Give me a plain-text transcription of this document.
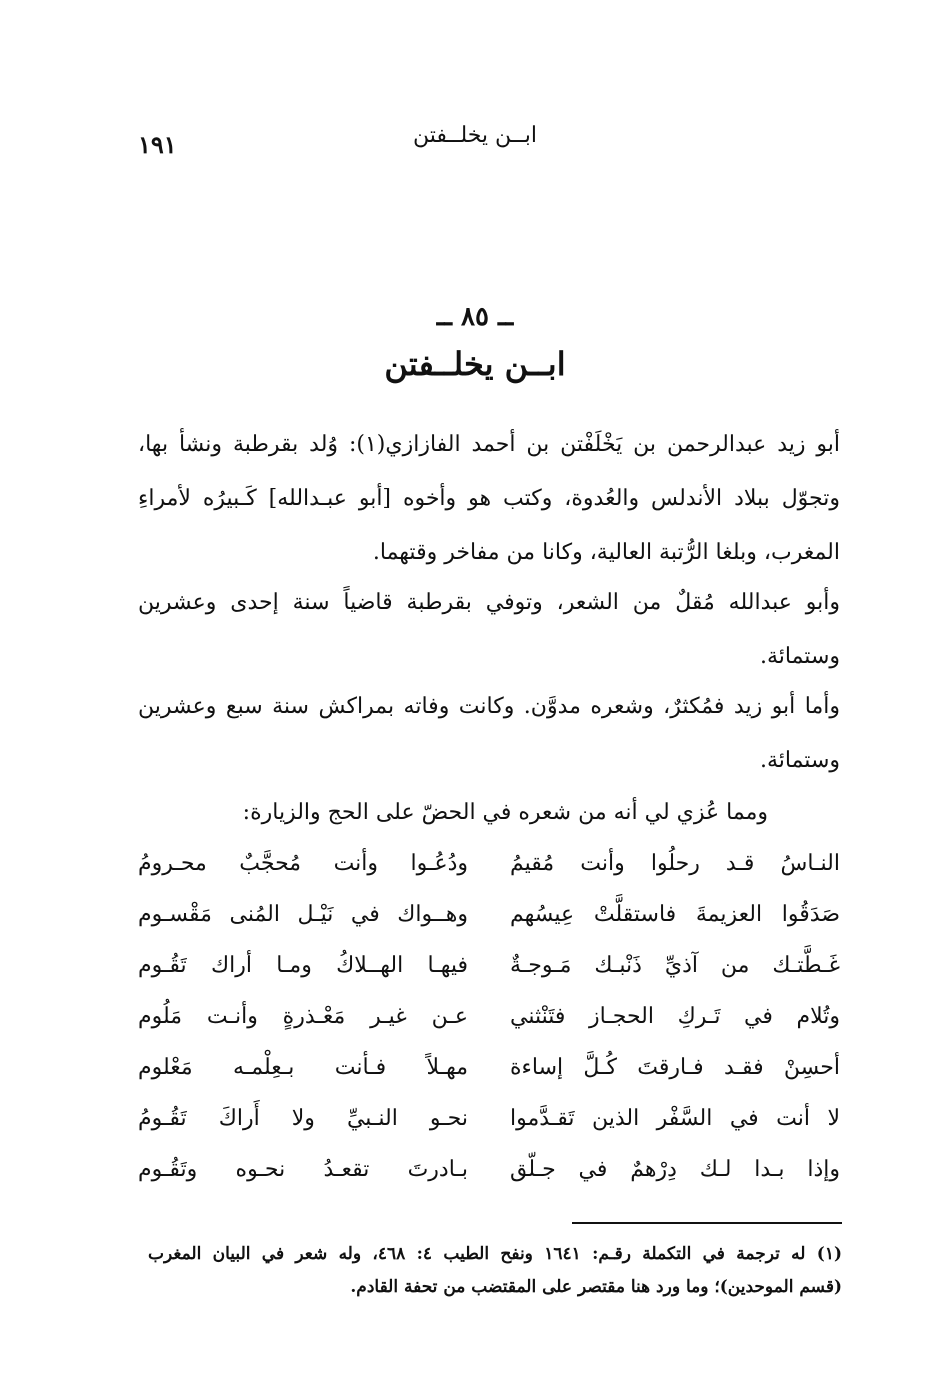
ابــن يخلــفتن
١٩١
ــ ٨٥ ــ
ابــن يخلــفتن

أبو زيد عبدالرحمن بن يَخْلَفْتن بن أحمد الفازازي(١): وُلد بقرطبة ونشأ بها، وتجوّل ببلاد الأندلس والعُدوة، وكتب هو وأخوه [أبو عبـدالله] كَـبيرُه لأمراءِ المغرب، وبلغا الرُّتبة العالية، وكانا من مفاخر وقتهما.

وأبو عبدالله مُقلٌ من الشعر، وتوفي بقرطبة قاضياً سنة إحدى وعشرين وستمائة.

وأما أبو زيد فمُكثرٌ، وشعره مدوَّن. وكانت وفاته بمراكش سنة سبع وعشرين وستمائة.

ومما عُزي لي أنه من شعره في الحضّ على الحج والزيارة:
النـاسُ قـد رحلُوا وأنت مُقيمُ
ودُعُـوا وأنت مُحجَّبٌ محـرومُ
صَدَقُوا العزيمةَ فاستقلَّتْ عِيسُهم
وهــواك في نَيْـل المُنى مَقْسـوم
غَـطَّتـك من آذيِّ ذَنْبـك مَـوجـةٌ
فيهـا الهــلاكُ ومـا أراك تَقُـوم
وتُلام في تَـركِ الحجـاز فتَنْثني
عـن غيـر مَعْـذرةٍ وأنـت مَلُوم
أحسِنْ فقـد فـارقتَ كُـلَّ إساءة
مهـلاً فـأنت بـعِلْمـه مَعْلوم
لا أنت في السَّفْر الذين تَقـدَّموا
نحـو النـبيِّ ولا أَراكَ تَقُـومُ
وإذا بـدا لـك دِرْهمٌ في جـلّق
بـادرتَ تقعـدُ نحـوه وتَقُـوم
(١) له ترجمة في التكملة رقـم: ١٦٤١ ونفح الطيب ٤: ٤٦٨، وله شعر في البيان المغرب
(قسم الموحدين)؛ وما ورد هنا مقتصر على المقتضب من تحفة القادم.
